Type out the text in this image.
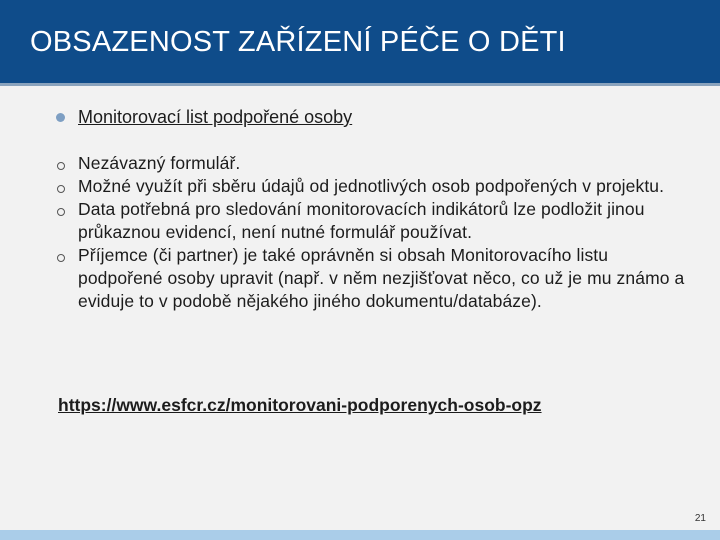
OBSAZENOST ZAŘÍZENÍ PÉČE O DĚTI
Monitorovací list podpořené osoby
Nezávazný formulář.
Možné využít při sběru údajů od jednotlivých osob podpořených v projektu.
Data potřebná pro sledování monitorovacích indikátorů lze podložit jinou průkaznou evidencí, není nutné formulář používat.
Příjemce (či partner) je také oprávněn si obsah Monitorovacího listu podpořené osoby upravit (např. v něm nezjišťovat něco, co už je mu známo a eviduje to v podobě nějakého jiného dokumentu/databáze).
https://www.esfcr.cz/monitorovani-podporenych-osob-opz
21
